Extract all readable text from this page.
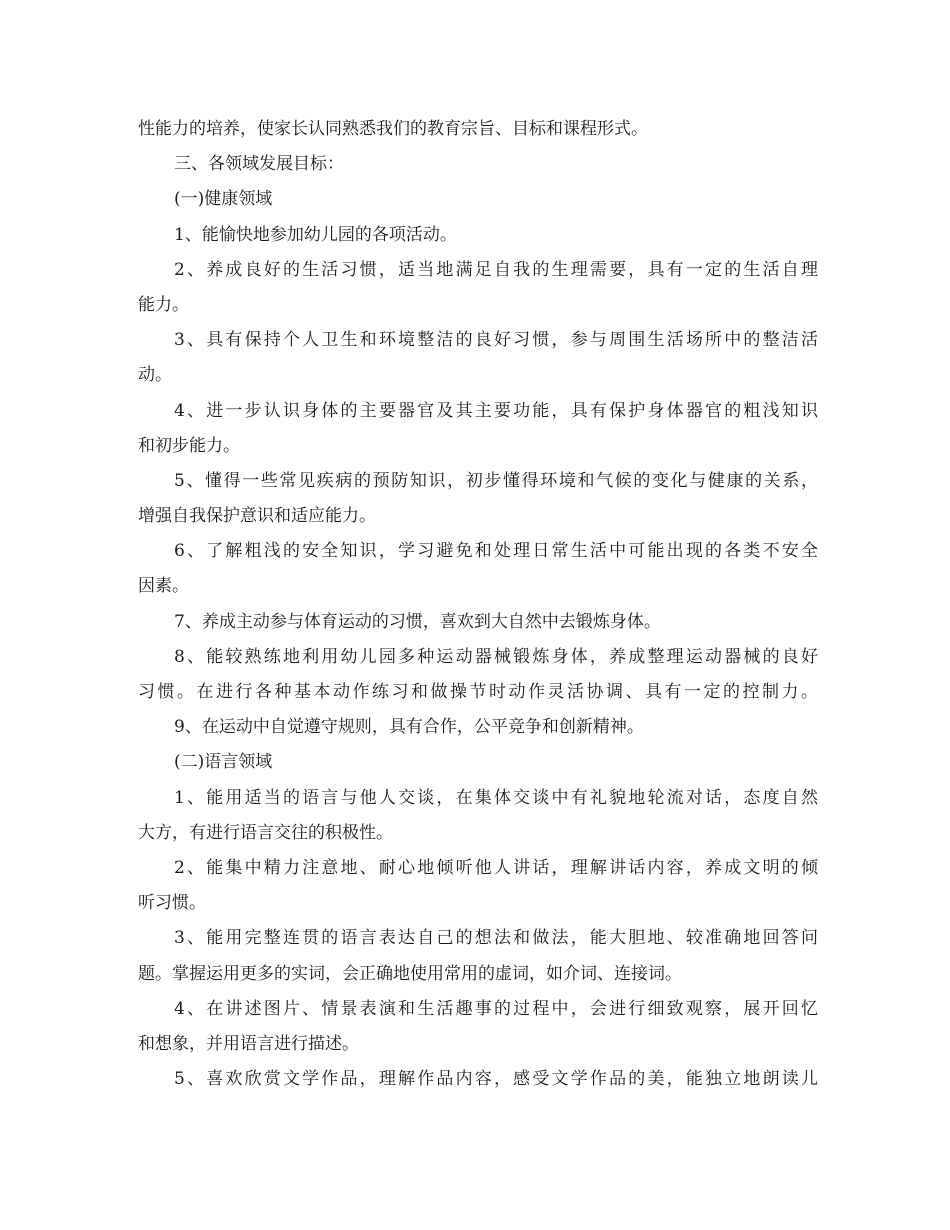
性能力的培养，使家长认同熟悉我们的教育宗旨、目标和课程形式。
三、各领域发展目标：
(一)健康领域
1、能愉快地参加幼儿园的各项活动。
2、养成良好的生活习惯，适当地满足自我的生理需要，具有一定的生活自理
能力。
3、具有保持个人卫生和环境整洁的良好习惯，参与周围生活场所中的整洁活
动。
4、进一步认识身体的主要器官及其主要功能，具有保护身体器官的粗浅知识
和初步能力。
5、懂得一些常见疾病的预防知识，初步懂得环境和气候的变化与健康的关系，
增强自我保护意识和适应能力。
6、了解粗浅的安全知识，学习避免和处理日常生活中可能出现的各类不安全
因素。
7、养成主动参与体育运动的习惯，喜欢到大自然中去锻炼身体。
8、能较熟练地利用幼儿园多种运动器械锻炼身体，养成整理运动器械的良好
习惯。在进行各种基本动作练习和做操节时动作灵活协调、具有一定的控制力。
9、在运动中自觉遵守规则，具有合作，公平竞争和创新精神。
(二)语言领域
1、能用适当的语言与他人交谈，在集体交谈中有礼貌地轮流对话，态度自然
大方，有进行语言交往的积极性。
2、能集中精力注意地、耐心地倾听他人讲话，理解讲话内容，养成文明的倾
听习惯。
3、能用完整连贯的语言表达自己的想法和做法，能大胆地、较准确地回答问
题。掌握运用更多的实词，会正确地使用常用的虚词，如介词、连接词。
4、在讲述图片、情景表演和生活趣事的过程中，会进行细致观察，展开回忆
和想象，并用语言进行描述。
5、喜欢欣赏文学作品，理解作品内容，感受文学作品的美，能独立地朗读儿
